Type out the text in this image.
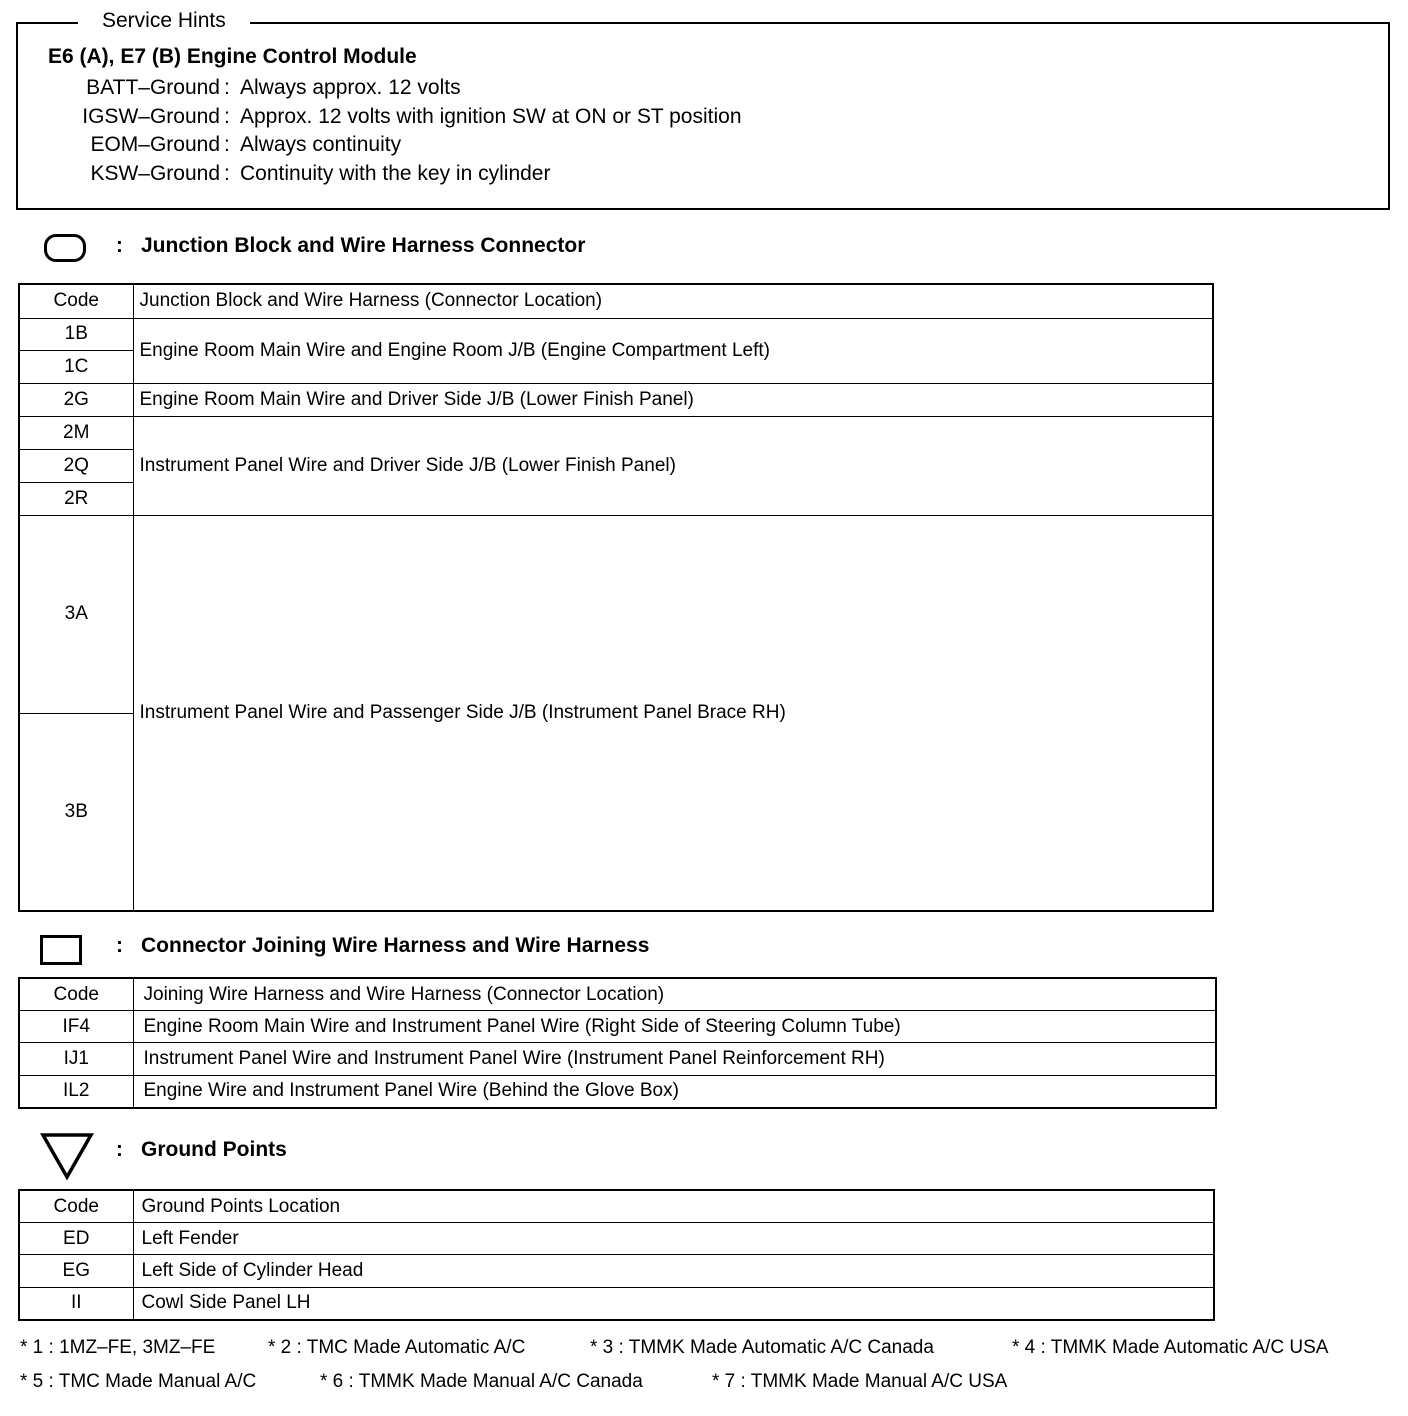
Service Hints
E6 (A), E7 (B) Engine Control Module
BATT–Ground : Always approx. 12 volts
IGSW–Ground : Approx. 12 volts with ignition SW at ON or ST position
EOM–Ground : Always continuity
KSW–Ground : Continuity with the key in cylinder
: Junction Block and Wire Harness Connector
Code	Junction Block and Wire Harness (Connector Location)
1B	Engine Room Main Wire and Engine Room J/B (Engine Compartment Left)
1C	
2G	Engine Room Main Wire and Driver Side J/B (Lower Finish Panel)
2M	Instrument Panel Wire and Driver Side J/B (Lower Finish Panel)
2Q	
2R	
3A	Instrument Panel Wire and Passenger Side J/B (Instrument Panel Brace RH)
3B	
: Connector Joining Wire Harness and Wire Harness
Code	Joining Wire Harness and Wire Harness (Connector Location)
IF4	Engine Room Main Wire and Instrument Panel Wire (Right Side of Steering Column Tube)
IJ1	Instrument Panel Wire and Instrument Panel Wire (Instrument Panel Reinforcement RH)
IL2	Engine Wire and Instrument Panel Wire (Behind the Glove Box)
: Ground Points
Code	Ground Points Location
ED	Left Fender
EG	Left Side of Cylinder Head
II	Cowl Side Panel LH
* 1 : 1MZ–FE, 3MZ–FE	* 2 : TMC Made Automatic A/C	* 3 : TMMK Made Automatic A/C Canada	* 4 : TMMK Made Automatic A/C USA
* 5 : TMC Made Manual A/C	* 6 : TMMK Made Manual A/C Canada	* 7 : TMMK Made Manual A/C USA
